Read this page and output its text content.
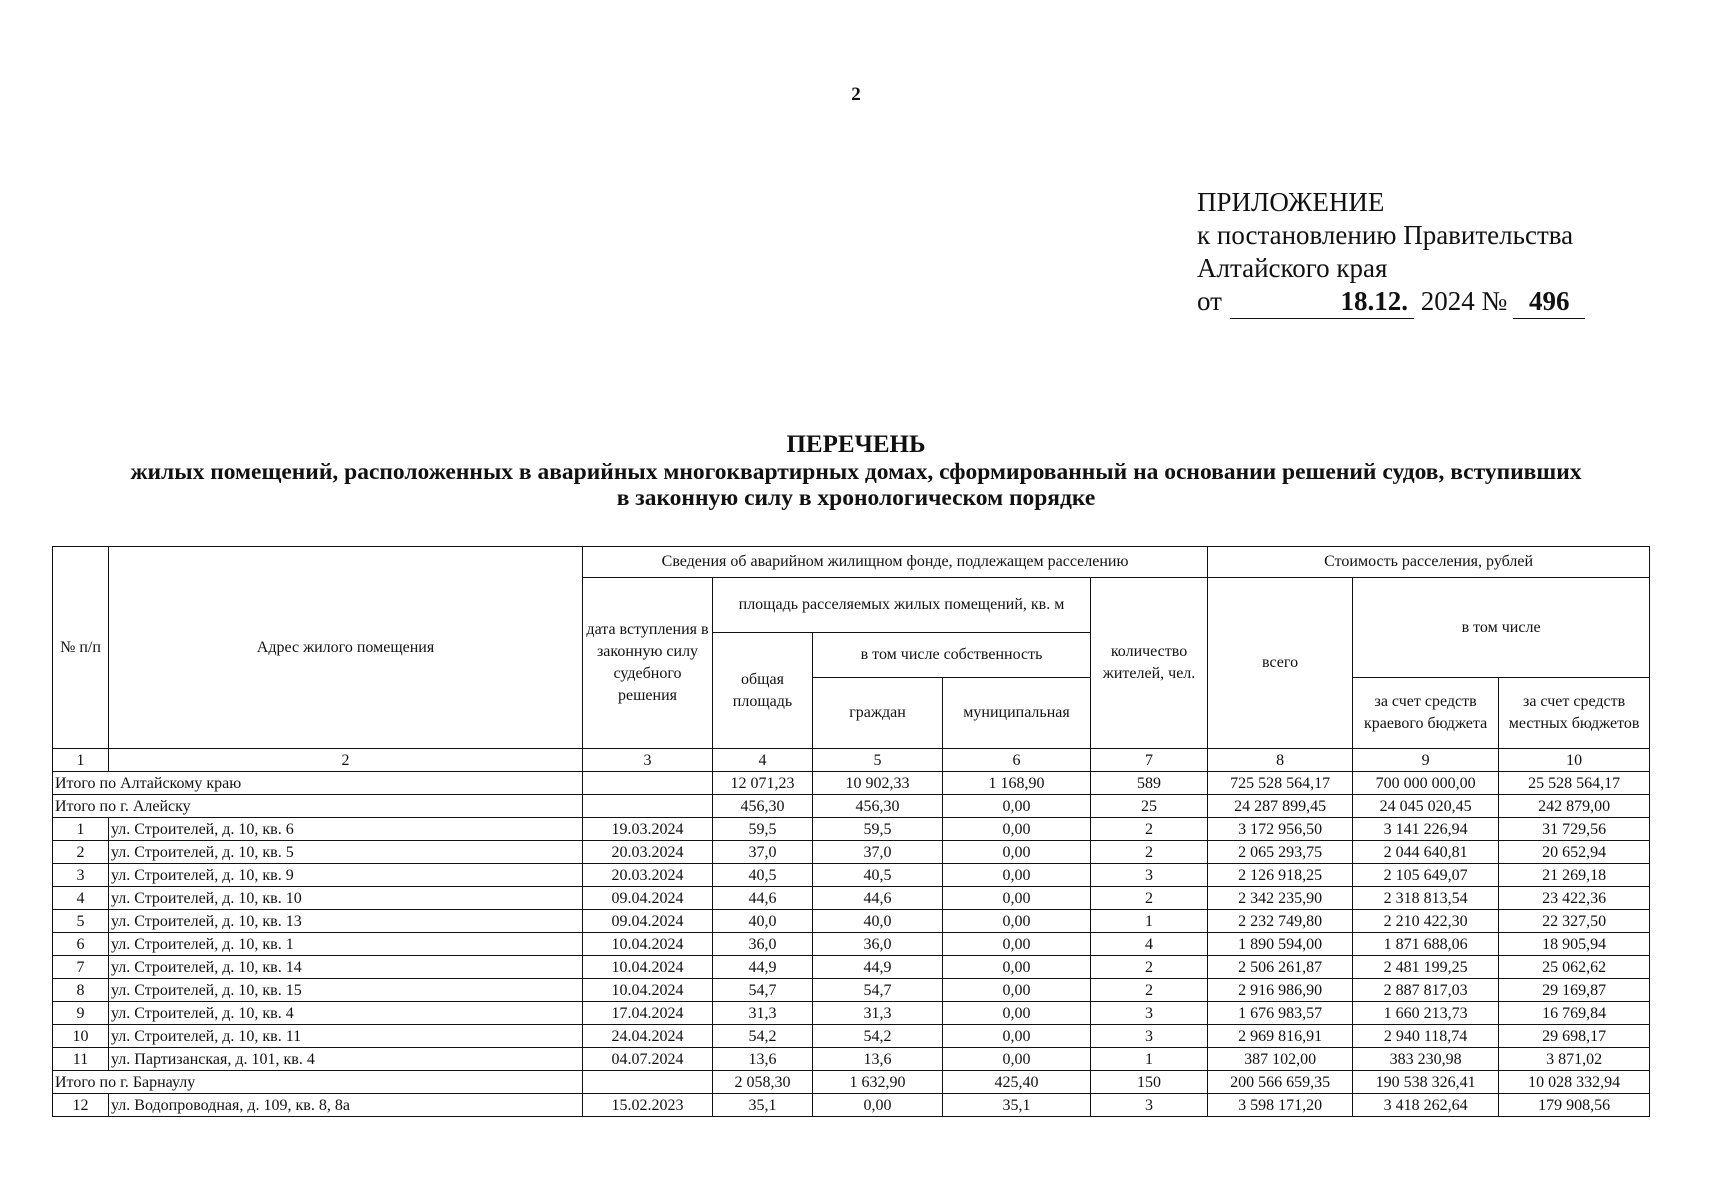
2
ПРИЛОЖЕНИЕ
к постановлению Правительства
Алтайского края
от	18.12. 2024 № 496
ПЕРЕЧЕНЬ
жилых помещений, расположенных в аварийных многоквартирных домах, сформированный на основании решений судов, вступивших в законную силу в хронологическом порядке
№ п/п	Адрес жилого помещения	Сведения об аварийном жилищном фонде, подлежащем расселению					Стоимость расселения, рублей		
		дата вступления в законную силу судебного решения	площадь расселяемых жилых помещений, кв. м			количество жителей, чел.	всего	в том числе	
			общая площадь	в том числе собственность					
				граждан	муниципальная			за счет средств краевого бюджета	за счет средств местных бюджетов
1	2	3	4	5	6	7	8	9	10
Итого по Алтайскому краю			12 071,23	10 902,33	1 168,90	589	725 528 564,17	700 000 000,00	25 528 564,17
Итого по г. Алейску			456,30	456,30	0,00	25	24 287 899,45	24 045 020,45	242 879,00
1	ул. Строителей, д. 10, кв. 6	19.03.2024	59,5	59,5	0,00	2	3 172 956,50	3 141 226,94	31 729,56
2	ул. Строителей, д. 10, кв. 5	20.03.2024	37,0	37,0	0,00	2	2 065 293,75	2 044 640,81	20 652,94
3	ул. Строителей, д. 10, кв. 9	20.03.2024	40,5	40,5	0,00	3	2 126 918,25	2 105 649,07	21 269,18
4	ул. Строителей, д. 10, кв. 10	09.04.2024	44,6	44,6	0,00	2	2 342 235,90	2 318 813,54	23 422,36
5	ул. Строителей, д. 10, кв. 13	09.04.2024	40,0	40,0	0,00	1	2 232 749,80	2 210 422,30	22 327,50
6	ул. Строителей, д. 10, кв. 1	10.04.2024	36,0	36,0	0,00	4	1 890 594,00	1 871 688,06	18 905,94
7	ул. Строителей, д. 10, кв. 14	10.04.2024	44,9	44,9	0,00	2	2 506 261,87	2 481 199,25	25 062,62
8	ул. Строителей, д. 10, кв. 15	10.04.2024	54,7	54,7	0,00	2	2 916 986,90	2 887 817,03	29 169,87
9	ул. Строителей, д. 10, кв. 4	17.04.2024	31,3	31,3	0,00	3	1 676 983,57	1 660 213,73	16 769,84
10	ул. Строителей, д. 10, кв. 11	24.04.2024	54,2	54,2	0,00	3	2 969 816,91	2 940 118,74	29 698,17
11	ул. Партизанская, д. 101, кв. 4	04.07.2024	13,6	13,6	0,00	1	387 102,00	383 230,98	3 871,02
Итого по г. Барнаулу			2 058,30	1 632,90	425,40	150	200 566 659,35	190 538 326,41	10 028 332,94
12	ул. Водопроводная, д. 109, кв. 8, 8а	15.02.2023	35,1	0,00	35,1	3	3 598 171,20	3 418 262,64	179 908,56
